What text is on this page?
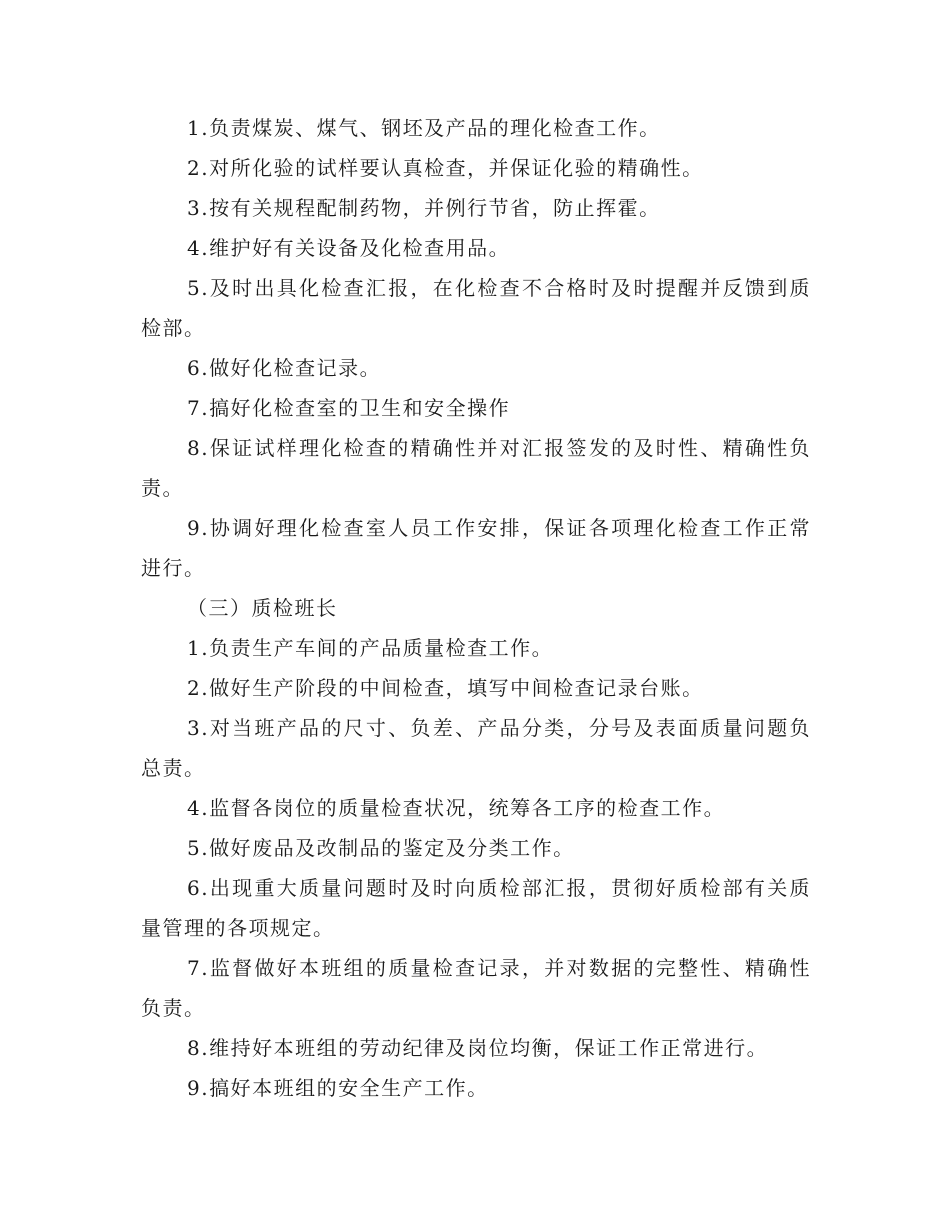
1.负责煤炭、煤气、钢坯及产品的理化检查工作。

2.对所化验的试样要认真检查，并保证化验的精确性。

3.按有关规程配制药物，并例行节省，防止挥霍。

4.维护好有关设备及化检查用品。

5.及时出具化检查汇报，在化检查不合格时及时提醒并反馈到质检部。

6.做好化检查记录。

7.搞好化检查室的卫生和安全操作

8.保证试样理化检查的精确性并对汇报签发的及时性、精确性负责。

9.协调好理化检查室人员工作安排，保证各项理化检查工作正常进行。

（三）质检班长

1.负责生产车间的产品质量检查工作。

2.做好生产阶段的中间检查，填写中间检查记录台账。

3.对当班产品的尺寸、负差、产品分类，分号及表面质量问题负总责。

4.监督各岗位的质量检查状况，统筹各工序的检查工作。

5.做好废品及改制品的鉴定及分类工作。

6.出现重大质量问题时及时向质检部汇报，贯彻好质检部有关质量管理的各项规定。

7.监督做好本班组的质量检查记录，并对数据的完整性、精确性负责。

8.维持好本班组的劳动纪律及岗位均衡，保证工作正常进行。

9.搞好本班组的安全生产工作。
